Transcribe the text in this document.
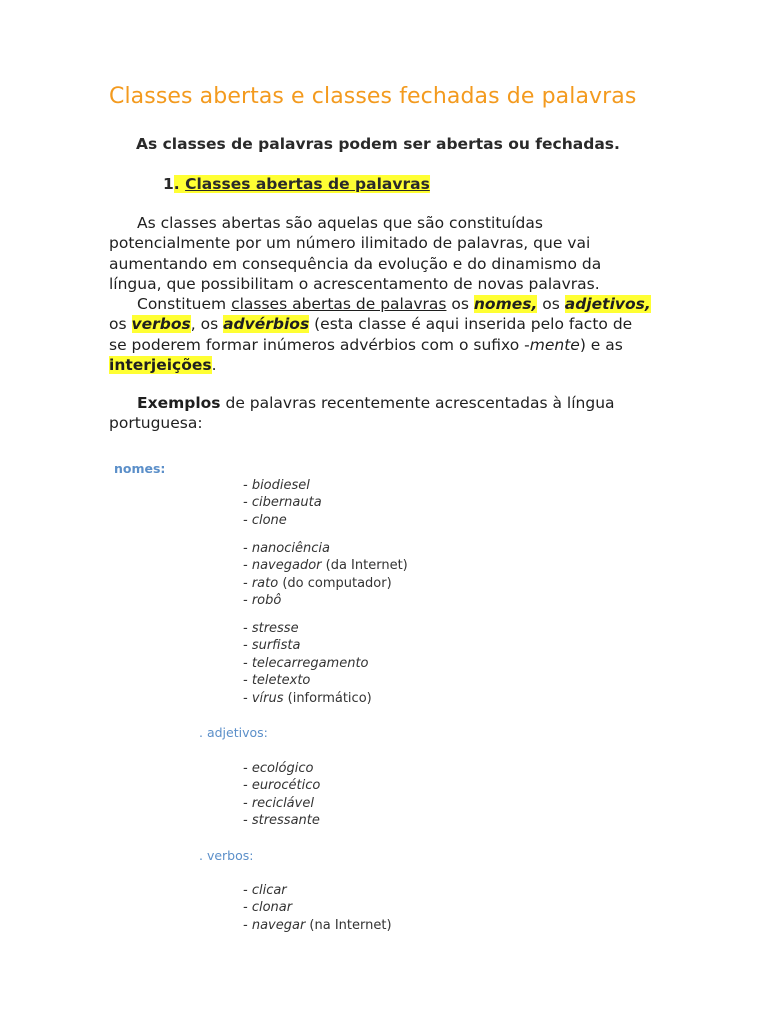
Classes abertas e classes fechadas de palavras
As classes de palavras podem ser abertas ou fechadas.
1. Classes abertas de palavras

As classes abertas são aquelas que são constituídas

potencialmente por um número ilimitado de palavras, que vai

aumentando em consequência da evolução e do dinamismo da

língua, que possibilitam o acrescentamento de novas palavras.

Constituem classes abertas de palavras os nomes, os adjetivos,

os verbos, os advérbios (esta classe é aqui inserida pelo facto de

se poderem formar inúmeros advérbios com o sufixo -mente) e as

interjeições.

Exemplos de palavras recentemente acrescentadas à língua

portuguesa:

nomes:
- biodiesel
- cibernauta
- clone
- nanociência
- navegador (da Internet)
- rato (do computador)
- robô
- stresse
- surfista
- telecarregamento
- teletexto
- vírus (informático)
. adjetivos:
- ecológico
- eurocético
- reciclável
- stressante
. verbos:
- clicar
- clonar
- navegar (na Internet)
